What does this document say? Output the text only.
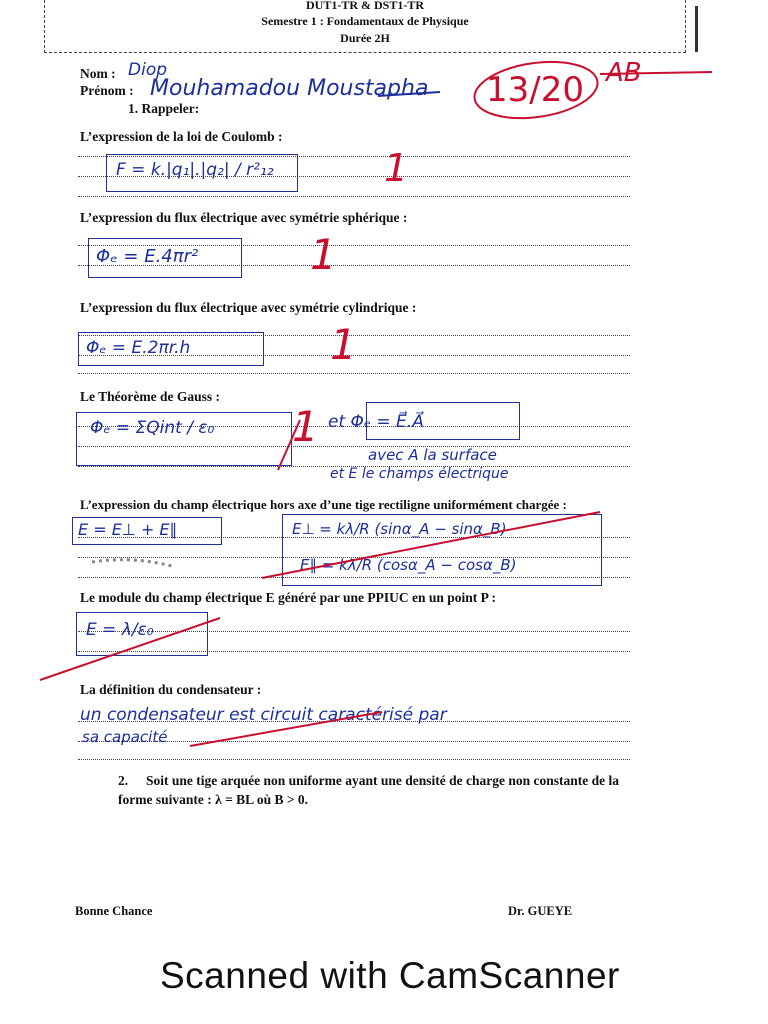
DUT1-TR & DST1-TR
Semestre 1 : Fondamentaux de Physique
Durée 2H
Nom : Diop
Prénom : Mouhamadou Moustapha 13/20 AB
1. Rappeler:
L’expression de la loi de Coulomb :
F = k.|q₁|.|q₂| / r²₁₂	1
L’expression du flux électrique avec symétrie sphérique :
Φₑ = E.4πr²	1
L’expression du flux électrique avec symétrie cylindrique :
Φₑ = E.2πr.h	1
Le Théorème de Gauss :
Φₑ = ΣQint / ε₀ 1 et Φₑ = E⃗.A⃗
avec A la surface
et E le champs électrique
L’expression du champ électrique hors axe d’une tige rectiligne uniformément chargée :
E = E⊥ + E∥	E⊥ = kλ/R (sinα_A − sinα_B)
E∥ = kλ/R (cosα_A − cosα_B)
Le module du champ électrique E généré par une PPIUC en un point P :
E = λ/ε₀
La définition du condensateur :
un condensateur est circuit caractérisé par
sa capacité
2. Soit une tige arquée non uniforme ayant une densité de charge non constante de la
forme suivante : λ = BL où B > 0.
Bonne Chance	Dr. GUEYE
Scanned with CamScanner
